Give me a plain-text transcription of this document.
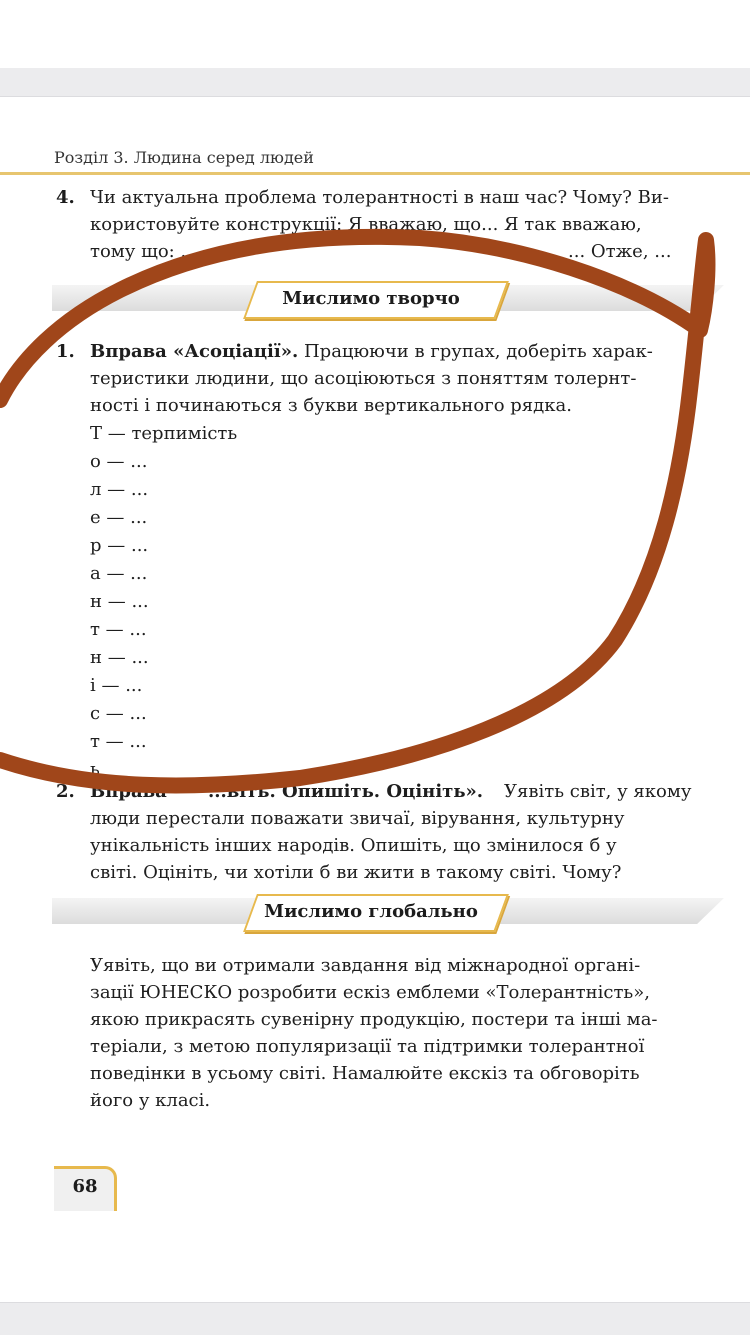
Розділ 3. Людина серед людей
4. Чи актуальна проблема толерантності в наш час? Чому? Ви-
користовуйте конструкції: Я вважаю, що... Я так вважаю,
тому що: ...	... Отже, ...
Мислимо творчо
1. Вправа «Асоціації». Працюючи в групах, доберіть харак-
теристики людини, що асоціюються з поняттям толернт-
ності і починаються з букви вертикального рядка.
Т — терпимість
о — ...
л — ...
е — ...
р — ...
а — ...
н — ...
т — ...
н — ...
і — ...
с — ...
т — ...
ь
2. Вправа ...віть. Опишіть. Оцініть». Уявіть світ, у якому
люди перестали поважати звичаї, вірування, культурну
унікальність інших народів. Опишіть, що змінилося б у
світі. Оцініть, чи хотіли б ви жити в такому світі. Чому?
Мислимо глобально
Уявіть, що ви отримали завдання від міжнародної органі-
зації ЮНЕСКО розробити ескіз емблеми «Толерантність»,
якою прикрасять сувенірну продукцію, постери та інші ма-
теріали, з метою популяризації та підтримки толерантної
поведінки в усьому світі. Намалюйте екскіз та обговоріть
його у класі.
68
